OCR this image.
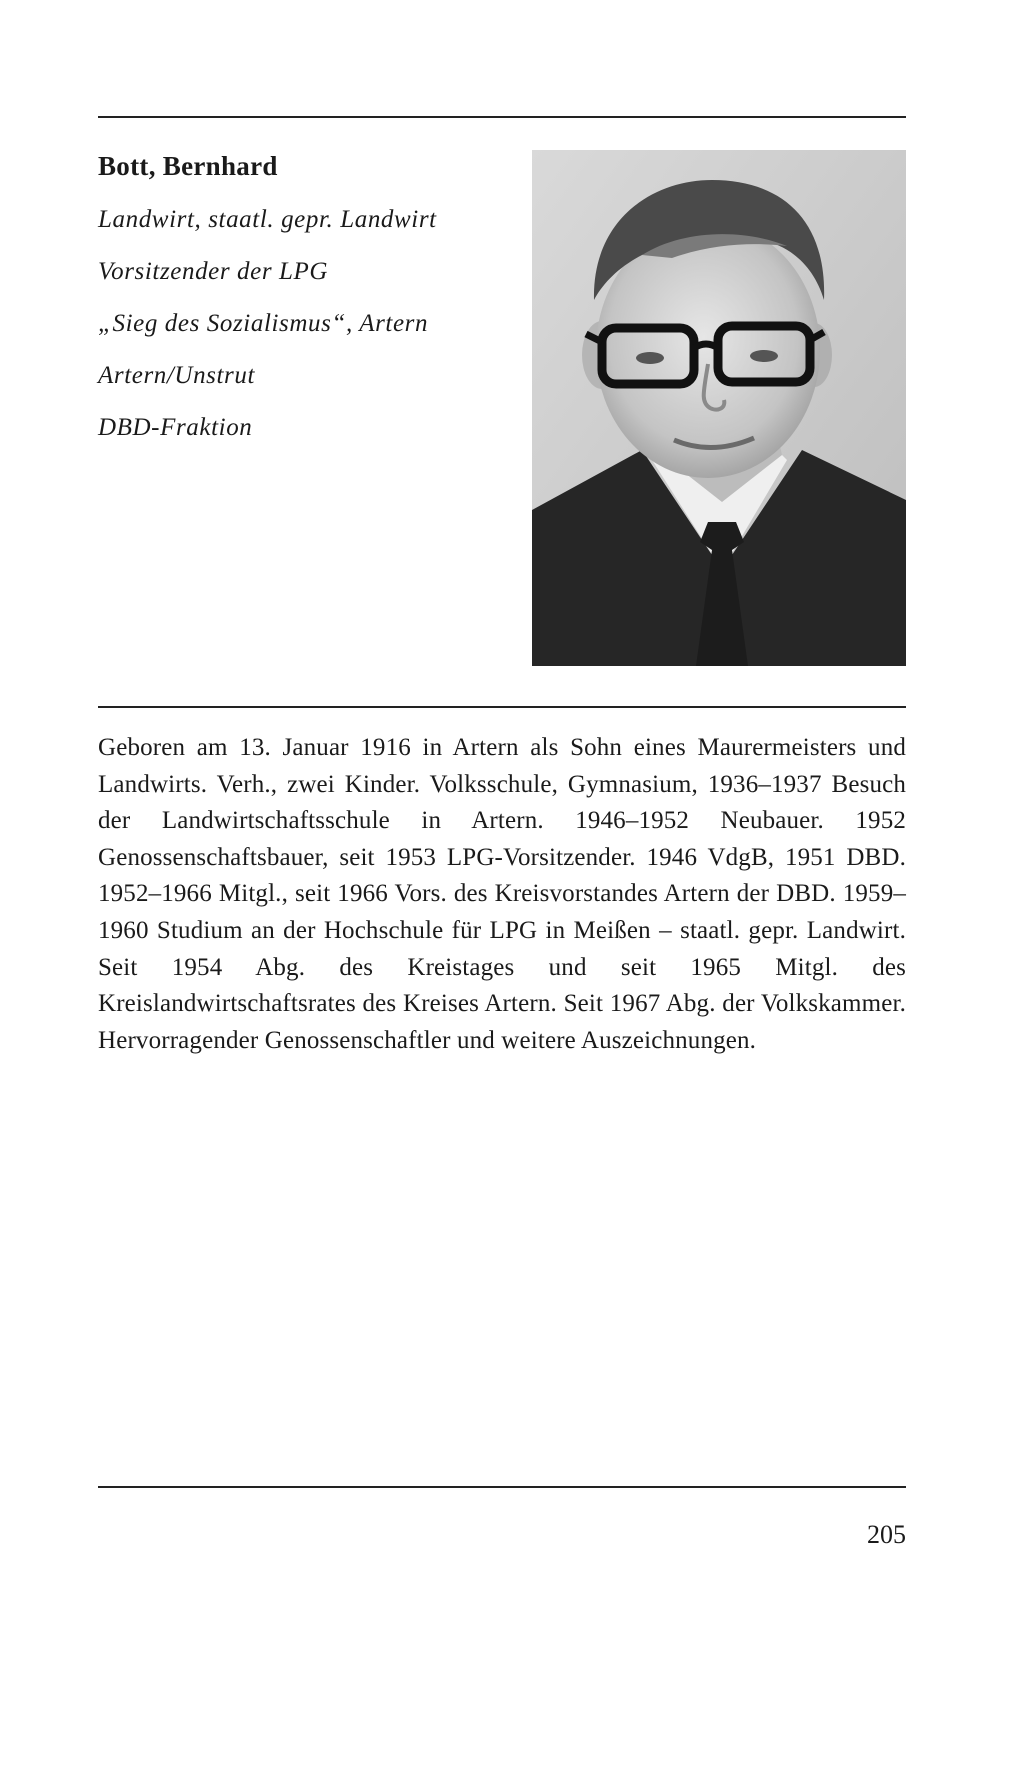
Bott, Bernhard

Landwirt, staatl. gepr. Landwirt

Vorsitzender der LPG

„Sieg des Sozialismus“, Artern

Artern/Unstrut

DBD-Fraktion

Geboren am 13. Januar 1916 in Artern als Sohn eines Maurermeisters und Landwirts. Verh., zwei Kinder. Volksschule, Gymnasium, 1936–1937 Besuch der Landwirtschaftsschule in Artern. 1946–1952 Neubauer. 1952 Genossenschaftsbauer, seit 1953 LPG-Vorsitzender. 1946 VdgB, 1951 DBD. 1952–1966 Mitgl., seit 1966 Vors. des Kreisvorstandes Artern der DBD. 1959–1960 Studium an der Hochschule für LPG in Meißen – staatl. gepr. Landwirt. Seit 1954 Abg. des Kreistages und seit 1965 Mitgl. des Kreislandwirtschaftsrates des Kreises Artern. Seit 1967 Abg. der Volkskammer. Hervorragender Genossenschaftler und weitere Auszeichnungen.

205
